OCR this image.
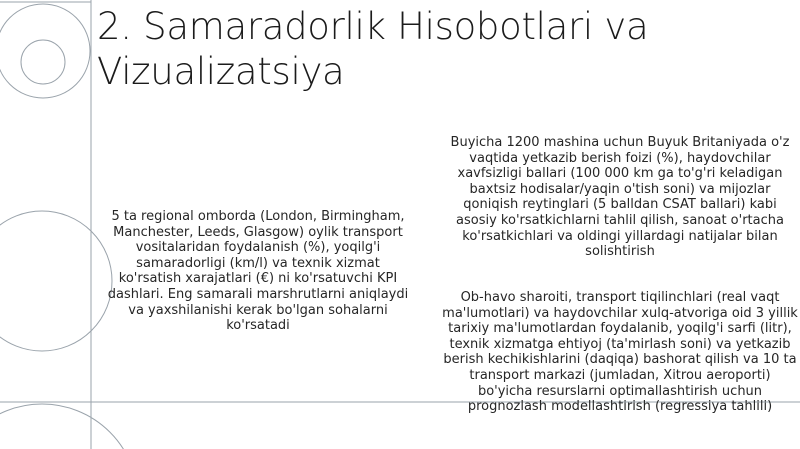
2. Samaradorlik Hisobotlari va Vizualizatsiya

5 ta regional omborda (London, Birmingham, Manchester, Leeds, Glasgow) oylik transport vositalaridan foydalanish (%), yoqilg'i samaradorligi (km/l) va texnik xizmat ko'rsatish xarajatlari (€) ni ko'rsatuvchi KPI dashlari. Eng samarali marshrutlarni aniqlaydi va yaxshilanishi kerak bo'lgan sohalarni ko'rsatadi

Buyicha 1200 mashina uchun Buyuk Britaniyada o'z vaqtida yetkazib berish foizi (%), haydovchilar xavfsizligi ballari (100 000 km ga to'g'ri keladigan baxtsiz hodisalar/yaqin o'tish soni) va mijozlar qoniqish reytinglari (5 balldan CSAT ballari) kabi asosiy ko'rsatkichlarni tahlil qilish, sanoat o'rtacha ko'rsatkichlari va oldingi yillardagi natijalar bilan solishtirish

Ob-havo sharoiti, transport tiqilinchlari (real vaqt ma'lumotlari) va haydovchilar xulq-atvoriga oid 3 yillik tarixiy ma'lumotlardan foydalanib, yoqilg'i sarfi (litr), texnik xizmatga ehtiyoj (ta'mirlash soni) va yetkazib berish kechikishlarini (daqiqa) bashorat qilish va 10 ta transport markazi (jumladan, Xitrou aeroporti) bo'yicha resurslarni optimallashtirish uchun prognozlash modellashtirish (regressiya tahlili)
